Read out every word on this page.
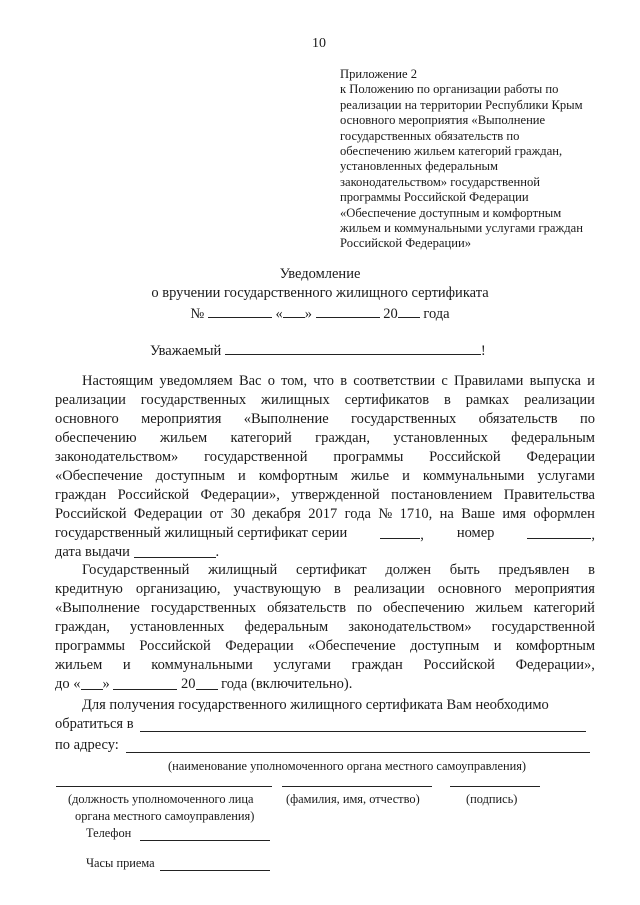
10
Приложение 2
к Положению по организации работы по
реализации на территории Республики Крым
основного мероприятия «Выполнение
государственных обязательств по
обеспечению жильем категорий граждан,
установленных федеральным
законодательством» государственной
программы Российской Федерации
«Обеспечение доступным и комфортным
жильем и коммунальными услугами граждан
Российской Федерации»
Уведомление
о вручении государственного жилищного сертификата
№	« »	20 года
Уважаемый	!
Настоящим уведомляем Вас о том, что в соответствии с Правилами выпуска и
реализации государственных жилищных сертификатов в рамках реализации
основного мероприятия «Выполнение государственных обязательств по
обеспечению жильем категорий граждан, установленных федеральным
законодательством» государственной программы Российской Федерации
«Обеспечение доступным и комфортным жилье и коммунальными услугами
граждан Российской Федерации», утвержденной постановлением Правительства
Российской Федерации от 30 декабря 2017 года № 1710, на Ваше имя оформлен
государственный жилищный сертификат серии	, номер	,
дата выдачи
	.
Государственный жилищный сертификат должен быть предъявлен в
кредитную организацию, участвующую в реализации основного мероприятия
«Выполнение государственных обязательств по обеспечению жильем категорий
граждан, установленных федеральным законодательством» государственной
программы Российской Федерации «Обеспечение доступным и комфортным
жильем и коммунальными услугами граждан Российской Федерации»,
до « »

	20
года (включительно).
Для получения государственного жилищного сертификата Вам необходимо
обратиться в
по адресу:
(наименование уполномоченного органа местного самоуправления)
(должность уполномоченного лица	(фамилия, имя, отчество)	(подпись)
органа местного самоуправления)
Телефон
Часы приема
